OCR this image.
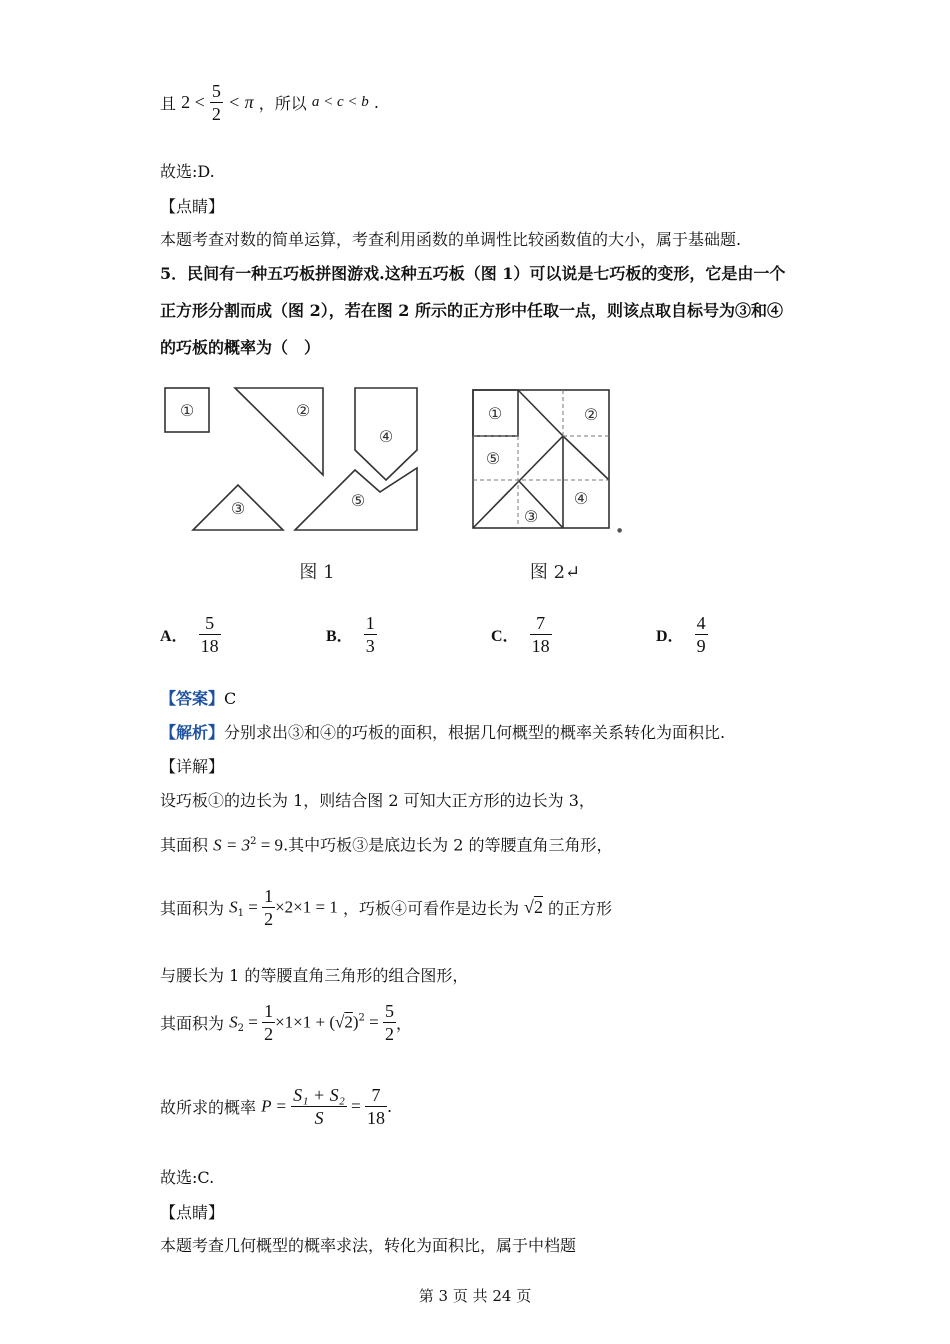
且 $2 < \frac{5}{2} < \pi$ ，所以 a < c < b .
故选:D.
【点睛】
本题考查对数的简单运算，考查利用函数的单调性比较函数值的大小，属于基础题.
5．民间有一种五巧板拼图游戏.这种五巧板（图 1）可以说是七巧板的变形，它是由一个
正方形分割而成（图 2），若在图 2 所示的正方形中任取一点，则该点取自标号为③和④
的巧板的概率为（　）
①	②
③
④
⑤
①	②
③
④
⑤
●
图 1	图 2↵
A． $\frac{5}{18}$	B． $\frac{1}{3}$	C． $\frac{7}{18}$	D． $\frac{4}{9}$
【答案】C
【解析】分别求出③和④的巧板的面积，根据几何概型的概率关系转化为面积比.
【详解】
设巧板①的边长为 1，则结合图 2 可知大正方形的边长为 3，
其面积 $S = 3^2 = 9$.其中巧板③是底边长为 2 的等腰直角三角形，
其面积为 $S_1 = \frac{1}{2} \times 2\times 1 = 1$ ，巧板④可看作是边长为 √2 的正方形
与腰长为 1 的等腰直角三角形的组合图形，
其面积为 $S_2 = \frac{1}{2} \times 1\times 1 + (√2)^2 = \frac{5}{2}$ ，
故所求的概率 $P = \frac{\text{S₁ + S₂}}{S} = \frac{7}{18}$ .
故选:C.
【点睛】
本题考查几何概型的概率求法，转化为面积比，属于中档题
第 3 页 共 24 页
